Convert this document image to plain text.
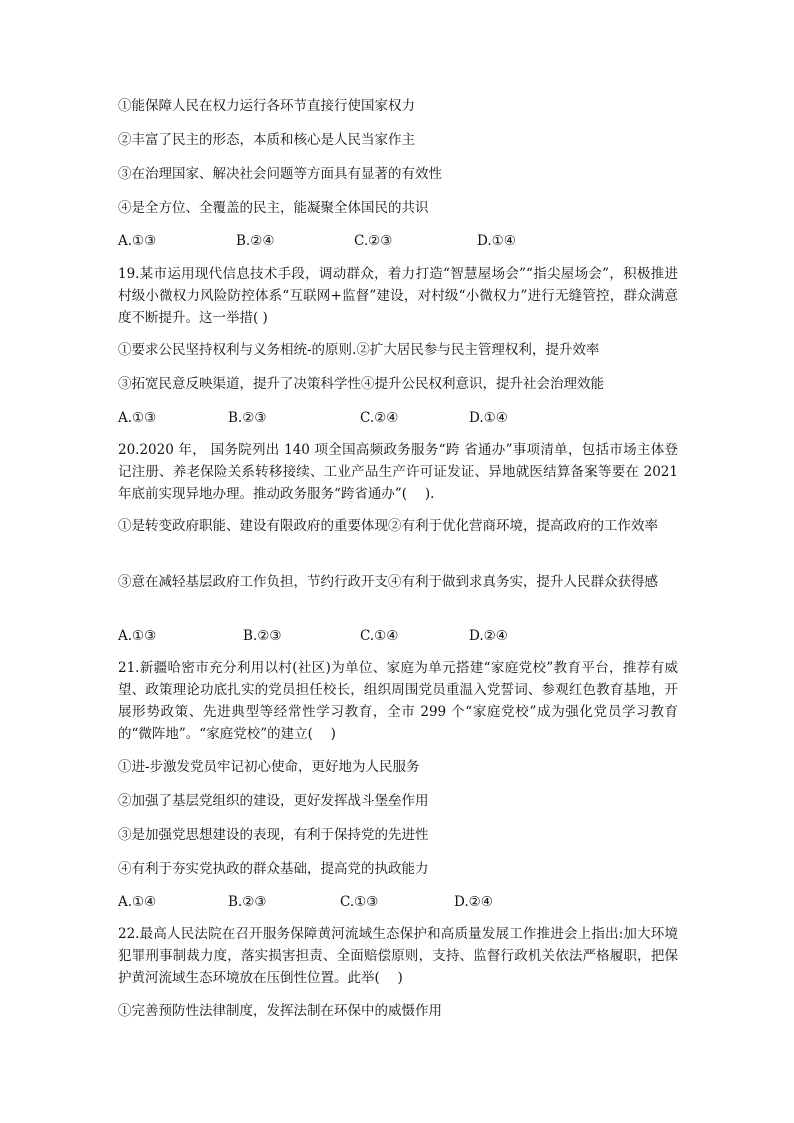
①能保障人民在权力运行各环节直接行使国家权力

②丰富了民主的形态，本质和核心是人民当家作主

③在治理国家、解决社会问题等方面具有显著的有效性

④是全方位、全覆盖的民主，能凝聚全体国民的共识

A.①③	B.②④	C.②③	D.①④

19.某市运用现代信息技术手段，调动群众，着力打造“智慧屋场会”“指尖屋场会”，积极推进村级小微权力风险防控体系“互联网+监督”建设，对村级“小微权力”进行无缝管控，群众满意度不断提升。这一举措( )

①要求公民坚持权利与义务相统-的原则.②扩大居民参与民主管理权利，提升效率

③拓宽民意反映渠道，提升了决策科学性④提升公民权利意识，提升社会治理效能

A.①③	B.②③	C.②④	D.①④

20.2020 年， 国务院列出 140 项全国高频政务服务“跨 省通办”事项清单，包括市场主体登记注册、养老保险关系转移接续、工业产品生产许可证发证、异地就医结算备案等要在 2021 年底前实现异地办理。推动政务服务“跨省通办”(　 ).

①是转变政府职能、建设有限政府的重要体现②有利于优化营商环境，提高政府的工作效率

③意在减轻基层政府工作负担，节约行政开支④有利于做到求真务实，提升人民群众获得感

A.①③	B.②③	C.①④	D.②④

21.新疆哈密市充分利用以村(社区)为单位、家庭为单元搭建“家庭党校”教育平台，推荐有威望、政策理论功底扎实的党员担任校长，组织周围党员重温入党誓词、参观红色教育基地，开展形势政策、先进典型等经常性学习教育，全市 299 个“家庭党校”成为强化党员学习教育的“微阵地”。“家庭党校”的建立(　 )

①进-步激发党员牢记初心使命，更好地为人民服务

②加强了基层党组织的建设，更好发挥战斗堡垒作用

③是加强党思想建设的表现，有利于保持党的先进性

④有利于夯实党执政的群众基础，提高党的执政能力

A.①④	B.②③	C.①③	D.②④

22.最高人民法院在召开服务保障黄河流域生态保护和高质量发展工作推进会上指出:加大环境犯罪刑事制裁力度，落实损害担责、全面赔偿原则，支持、监督行政机关依法严格履职，把保护黄河流域生态环境放在压倒性位置。此举(　 )

①完善预防性法律制度，发挥法制在环保中的威慑作用
